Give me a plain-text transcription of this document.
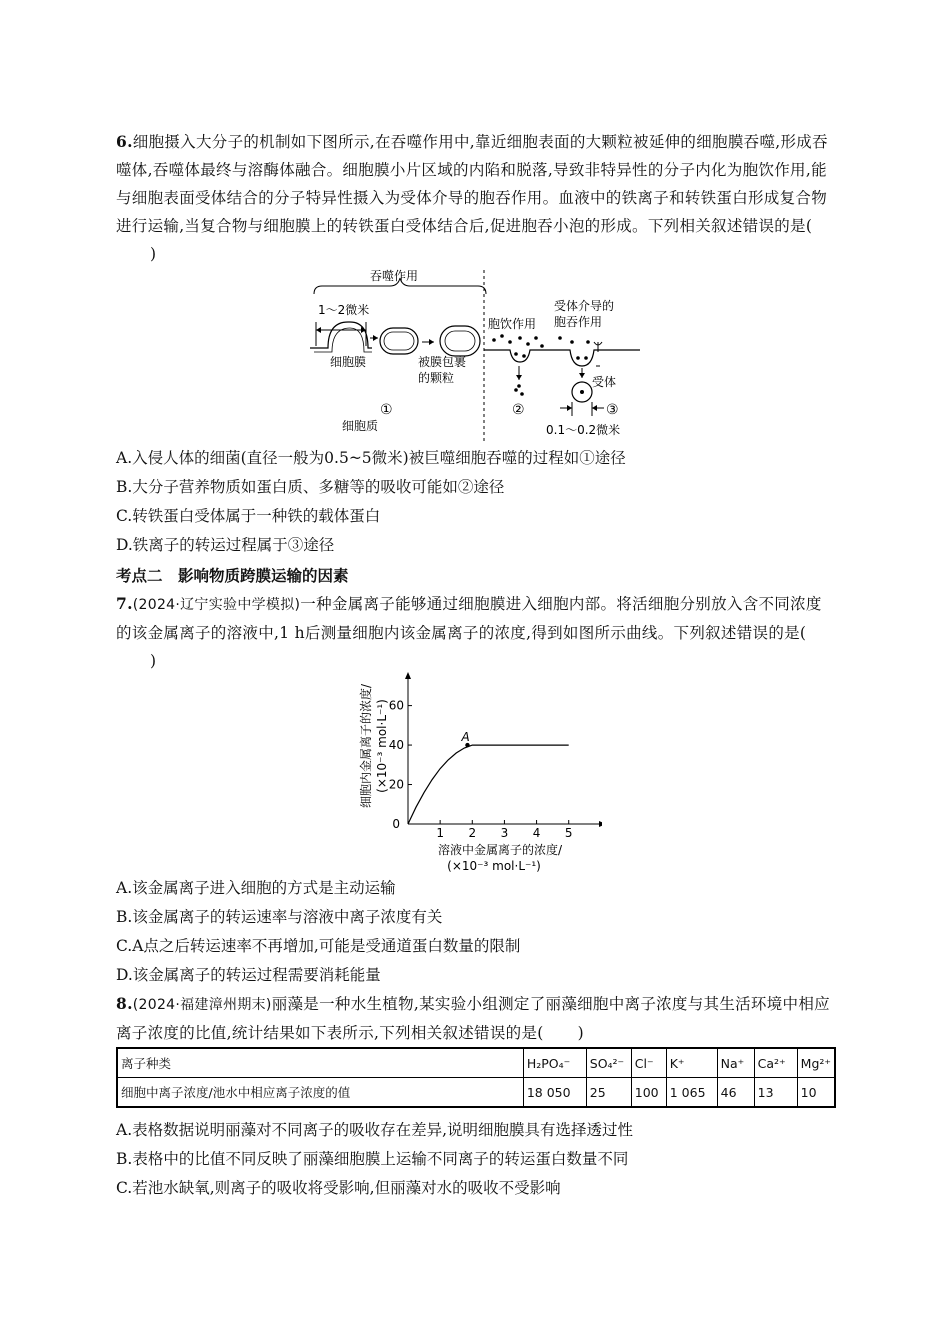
6.细胞摄入大分子的机制如下图所示,在吞噬作用中,靠近细胞表面的大颗粒被延伸的细胞膜吞噬,形成吞噬体,吞噬体最终与溶酶体融合。细胞膜小片区域的内陷和脱落,导致非特异性的分子内化为胞饮作用,能与细胞表面受体结合的分子特异性摄入为受体介导的胞吞作用。血液中的铁离子和转铁蛋白形成复合物进行运输,当复合物与细胞膜上的转铁蛋白受体结合后,促进胞吞小泡的形成。下列相关叙述错误的是()
吞噬作用
1～2微米
细胞膜	被膜包裹
的颗粒
①
细胞质
胞饮作用
受体介导的
胞吞作用
②
受体
③
0.1～0.2微米
A.入侵人体的细菌(直径一般为0.5~5微米)被巨噬细胞吞噬的过程如①途径
B.大分子营养物质如蛋白质、多糖等的吸收可能如②途径
C.转铁蛋白受体属于一种铁的载体蛋白
D.铁离子的转运过程属于③途径
考点二　影响物质跨膜运输的因素
7.(2024·辽宁实验中学模拟)一种金属离子能够通过细胞膜进入细胞内部。将活细胞分别放入含不同浓度的该金属离子的溶液中,1 h后测量细胞内该金属离子的浓度,得到如图所示曲线。下列叙述错误的是()
1 2 3 4 5
20
40
60
0
A
溶液中金属离子的浓度/
(×10⁻³ mol·L⁻¹)
细胞内金属离子的浓度/ (×10⁻³ mol·L⁻¹)
A.该金属离子进入细胞的方式是主动运输
B.该金属离子的转运速率与溶液中离子浓度有关
C.A点之后转运速率不再增加,可能是受通道蛋白数量的限制
D.该金属离子的转运过程需要消耗能量
8.(2024·福建漳州期末)丽藻是一种水生植物,某实验小组测定了丽藻细胞中离子浓度与其生活环境中相应离子浓度的比值,统计结果如下表所示,下列相关叙述错误的是( )
离子种类	H₂PO₄⁻	SO₄²⁻	Cl⁻	K⁺	Na⁺	Ca²⁺	Mg²⁺
细胞中离子浓度/池水中相应离子浓度的值	18 050	25	100	1 065	46	13	10
A.表格数据说明丽藻对不同离子的吸收存在差异,说明细胞膜具有选择透过性
B.表格中的比值不同反映了丽藻细胞膜上运输不同离子的转运蛋白数量不同
C.若池水缺氧,则离子的吸收将受影响,但丽藻对水的吸收不受影响
